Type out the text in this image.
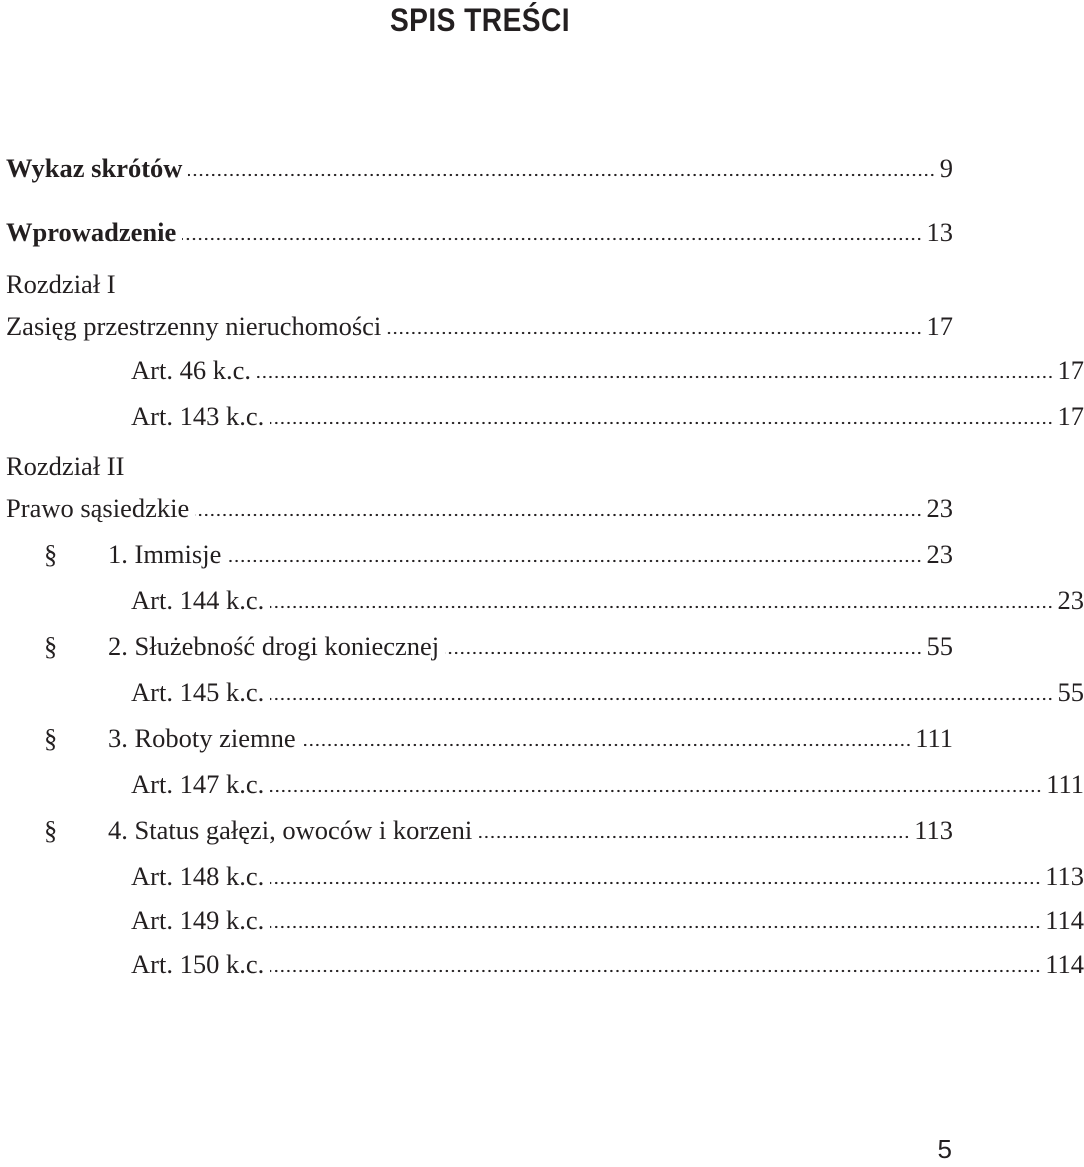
SPIS TREŚCI
Wykaz skrótów	9
Wprowadzenie	13
Rozdział I
Zasięg przestrzenny nieruchomości	17
Art. 46 k.c.	17
Art. 143 k.c.	17
Rozdział II
Prawo sąsiedzkie	23
§	1. Immisje	23
Art. 144 k.c.	23
§	2. Służebność drogi koniecznej	55
Art. 145 k.c.	55
§	3. Roboty ziemne	111
Art. 147 k.c.	111
§	4. Status gałęzi, owoców i korzeni	113
Art. 148 k.c.	113
Art. 149 k.c.	114
Art. 150 k.c.	114
5
